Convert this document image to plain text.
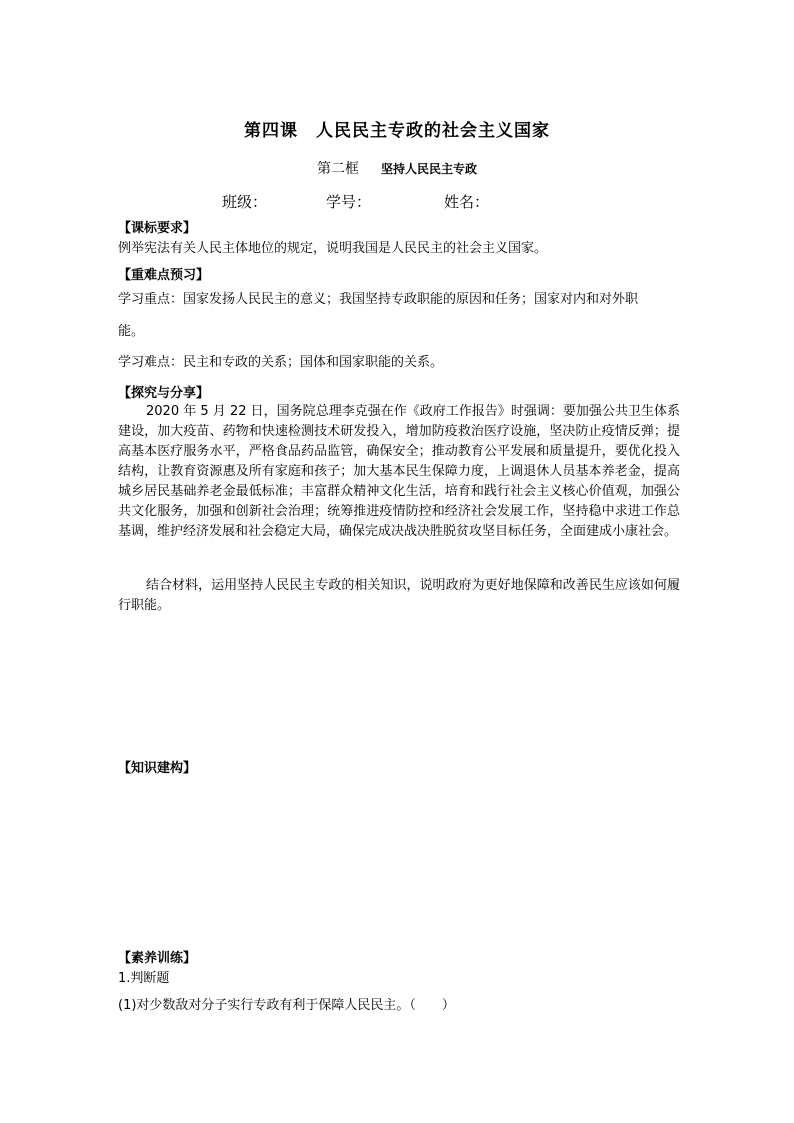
第四课　人民民主专政的社会主义国家
第二框 坚持人民民主专政
班级：	学号：	姓名：
【课标要求】
例举宪法有关人民主体地位的规定，说明我国是人民民主的社会主义国家。
【重难点预习】
学习重点：国家发扬人民民主的意义；我国坚持专政职能的原因和任务；国家对内和对外职
能。
学习难点：民主和专政的关系；国体和国家职能的关系。
【探究与分享】
2020 年 5 月 22 日，国务院总理李克强在作《政府工作报告》时强调：要加强公共卫生体系建设，加大疫苗、药物和快速检测技术研发投入，增加防疫救治医疗设施，坚决防止疫情反弹；提高基本医疗服务水平，严格食品药品监管，确保安全；推动教育公平发展和质量提升，要优化投入结构，让教育资源惠及所有家庭和孩子；加大基本民生保障力度，上调退休人员基本养老金，提高城乡居民基础养老金最低标准；丰富群众精神文化生活，培育和践行社会主义核心价值观，加强公共文化服务，加强和创新社会治理；统筹推进疫情防控和经济社会发展工作，坚持稳中求进工作总基调，维护经济发展和社会稳定大局，确保完成决战决胜脱贫攻坚目标任务，全面建成小康社会。
结合材料，运用坚持人民民主专政的相关知识，说明政府为更好地保障和改善民生应该如何履行职能。
【知识建构】
【素养训练】
1.判断题
(1)对少数敌对分子实行专政有利于保障人民民主。（　　）
